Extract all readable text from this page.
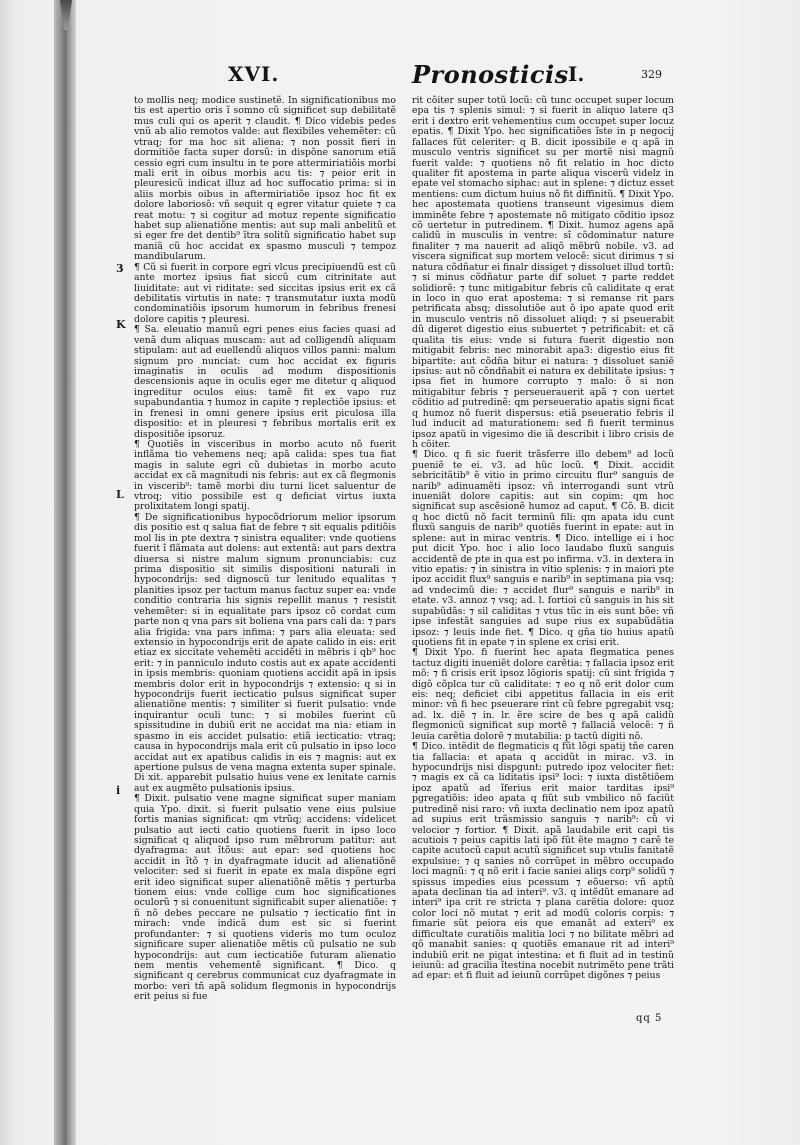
XVI.	Pronosticis I.	329
3
K
L
i
to mollis neq; modice sustinetẽ. In significationibus mo tis est apertio oris ĩ somno cũ significet sup debilitatẽ mus culi qui os aperit ⁊ claudit. ¶ Dico videbis pedes vnũ ab alio remotos valde: aut flexibiles vehemẽter: cũ vtraq; for ma hoc sit aliena: ⁊ non possit fieri in dormitiõe facta super dorsũ: in dispõne sanorum etiã cessio egri cum insultu in te pore attermiriatiõis morbi mali erit in oibus morbis acu tis: ⁊ peior erit in pleuresicũ indicat illuz ad hoc suffocatio prima: si in aliis morbis oibus in aftermiriatiõe ipsoz hoc fit ex dolore laboriosõ: vñ sequit q egrer vitatur quiete ⁊ ca reat motu: ⁊ si cogitur ad motuz repente significatio habet sup alienatiõne mentis: aut sup mali anbelitũ et si eger fre det dentib⁹ ĩtra solitũ significatio habet sup maniã cũ hoc accidat ex spasmo musculi ⁊ tempoz mandibularum.
¶ Cũ si fuerit in corpore egri vlcus precipiuendũ est cũ ante mortez ipsius fiat siccũ cum citrinitate aut liuiditate: aut vi riditate: sed siccitas ipsius erit ex cã debilitatis virtutis in nate: ⁊ transmutatur iuxta modũ condominatiõis ipsorum humorum in febribus frenesi dolore capitis ⁊ pleuresi.
¶ Sa. eleuatio manuũ egri penes eius facies quasi ad venã dum aliquas muscam: aut ad colligendũ aliquam stipulam: aut ad euellendũ aliquos villos panni: malum signum pro nunciat: cum hoc accidat ex figuris imaginatis in oculis ad modum dispositionis descensionis aque in oculis eger me ditetur q aliquod ingreditur oculos eius: tamẽ fit ex vapo ruz supabundantia ⁊ humoz in capite ⁊ replectiõe ipsius: et in frenesi in omni genere ipsius erit piculosa illa dispositio: et in pleuresi ⁊ febribus mortalis erit ex dispositiõe ipsoruz.
¶ Quotiẽs in visceribus in morbo acuto nõ fuerit inflãma tio vehemens neq; apã calida: spes tua fiat magis in salute egri cũ dubietas in morbo acuto accidat ex cã magnitudi nis febris: aut ex cã flegmonis in viscerib⁹: tamẽ morbi diu turni licet saluentur de vtroq; vitio possibile est q deficiat virtus iuxta prolixitatem longi spatij.
¶ De significationibus hypocõdriorum melior ipsorum dis positio est q salua fiat de febre ⁊ sit equalis pditiõis mol lis in pte dextra ⁊ sinistra equaliter: vnde quotiens fuerit ĩ flãmata aut dolens: aut extentã: aut pars dextra diuersa si nistre malum signum pronunciabis: cuz prima dispositio sit similis dispositioni naturali in hypocondrijs: sed dignoscũ tur lenitudo equalitas ⁊ planities ipsoz per tactum manus factuz super ea: vnde conditio contraria his signis repellit manus ⁊ resistit vehemẽter: si in equalitate pars ipsoz cõ cordat cum parte non q vna pars sit boliena vna pars cali da: ⁊ pars alia frigida: vna pars infima: ⁊ pars alia eleuata: sed extensio in hypocondrijs erit de apate calido in eis: erit etiaz ex siccitate vehemẽti accidẽti in mẽbris i qb⁹ hoc erit: ⁊ in panniculo induto costis aut ex apate accidenti in ipsis membris: quoniam quotiens accidit apã in ipsis membris dolor erit in hypocondrijs ⁊ extensio: q si in hypocondrijs fuerit iecticatio pulsus significat super alienatiõne mentis: ⁊ similiter si fuerit pulsatio: vnde inquirantur oculi tunc: ⁊ si mobiles fuerint cũ spissitudine in dubiũ erit ne accidat ma nia: etiam in spasmo in eis accidet pulsatio: etiã iecticatio: vtraq; causa in hypocondrijs mala erit cũ pulsatio in ipso loco accidat aut ex apatibus calidis in eis ⁊ magnis: aut ex apertione pulsus de vena magna extenta super spinale. Di xit. apparebit pulsatio huius vene ex lenitate carnis aut ex augmẽto pulsationis ipsius.
¶ Dixit. pulsatio vene magne significat super maniam quia Ypo. dixit. si fuerit pulsatio vene eius pulsiue fortis manias significat: qm vtrũq; accidens: videlicet pulsatio aut iecti catio quotiens fuerit in ipso loco significat q aliquod ipso rum mẽbrorum patitur: aut dyafragma: aut ĩtõus: aut epar: sed quotiens hoc accidit in ĩtõ ⁊ in dyafragmate iducit ad alienatiõnẽ velociter: sed si fuerit in epate ex mala dispõne egri erit ideo significat super alienatiõnẽ mẽtis ⁊ perturba tionem eius: vnde collige cum hoc significationes oculorũ ⁊ si conuenitunt significabit super alienatiõe: ⁊ ñ nõ debes peccare ne pulsatio ⁊ iecticatio fint in mirach: vnde indicã dum est sic si fuerint profundanter: ⁊ si quotiens videris mo tum oculoz significare super alienatiõe mẽtis cũ pulsatio ne sub hypocondrijs: aut cum iecticatiõe futuram alienatio nem mentis vehementẽ significant. ¶ Dico. q significant q cerebrus communicat cuz dyafragmate in morbo: veri tñ apã solidum flegmonis in hypocondrijs erit peius si fue
rit cõiter super totũ locũ: cũ tunc occupet super locum epa tis ⁊ splenis simul: ⁊ si fuerit in aliquo latere q3 erit i dextro erit vehementius cum occupet super locuz epatis. ¶ Dixit Ypo. hec significatiões ĩste in p negocij fallaces fũt celeriter: q B. dicit ipossibile e q apã in musculo ventris significet su per mortẽ nisi magnũ fuerit valde: ⁊ quotiens nõ fit relatio in hoc dicto qualiter fit apostema in parte aliqua viscerũ videlz in epate vel stomacho siphac: aut in splene: ⁊ dictuz esset mentiens: cum dictum huius nõ fit diffinitũ. ¶ Dixit Ypo. hec apostemata quotiens transeunt vigesimus diem imminẽte febre ⁊ apostemate nõ mitigato cõditio ipsoz cõ uertetur in putredinem. ¶ Dixit. humoz agens apã calidũ in musculis in ventre: sĩ cõdominatur nature finaliter ⁊ ma nauerit ad aliqõ mẽbrũ nobile. v3. ad viscera significat sup mortem velocẽ: sicut dirimus ⁊ si natura cõdñatur ei finalr dissiget ⁊ dissoluet illud tortũ: ⁊ si minus cõdñatur parte dif soluet ⁊ parte reddet solidiorẽ: ⁊ tunc mitigabitur febris cũ caliditate q erat in loco in quo erat apostema: ⁊ si remanse rit pars petrificata absq; dissolutiõe aut õ ipo apate quod erit in musculo ventris nõ dissoluet aliqd: ⁊ si pseuerabit dũ digeret digestio eius subuertet ⁊ petrificabit: et cã qualita tis eius: vnde si futura fuerit digestio non mitigabit febris: nec minorabit apa3: digestio eius fit bipartite: aut cõdña bitur ei natura: ⁊ dissoluet saniẽ ipsius: aut nõ cõndñabit ei natura ex debilitate ipsius: ⁊ ipsa fiet in humore corrupto ⁊ malo: õ si non mitigabitur febris ⁊ perseuerauerit apã ⁊ con uertet cõditio ad putredinẽ: qm perseueratio apatis signi ficat q humoz nõ fuerit dispersus: etiã pseueratio febris il lud inducit ad maturationem: sed fi fuerit terminus ipsoz apatũ in vigesimo die iã describit i libro crisis de h cõiter.
¶ Dico. q fi sic fuerit trãsferre illo debem⁹ ad locũ pueniẽ te ei. v3. ad hũc locũ. ¶ Dixit. accidit sebricitãtib⁹ ẽ vitio in primo circuitu flur⁹ sanguis de narib⁹ adinuamẽti ipsoz: vñ interrogandi sunt vtrũ inueniãt dolore capitis: aut sin copim: qm hoc significat sup ascẽsionẽ humoz ad caput. ¶ Cõ. B. dicit q hoc dictũ nõ facit terminũ fili: qm apata idu cunt fluxũ sanguis de narib⁹ quotiẽs fuerint in epate: aut in splene: aut in mirac ventris. ¶ Dico. intellige ei i hoc put dicit Ypo. hoc i alio loco laudabo fluxũ sanguis accidentẽ de pte in qua est po infirma. v3. in dextera in vitio epatis: ⁊ in sinistra in vitio splenis: ⁊ in maiori pte ipoz accidit flux⁹ sanguis e narib⁹ in septimana pia vsq; ad vndecimũ die: ⁊ accidet flur⁹ sanguis e narib⁹ in etate. v3. annoz ⁊ vsq; ad. l. fortioi cũ sanguis in his sit supabũdãs: ⁊ sil caliditas ⁊ vtus tũc in eis sunt bõe: vñ ipse infestãt sanguies ad supe rius ex supabũdãtia ipsoz: ⁊ leuis inde fiet. ¶ Dico. q gña tio huius apatũ quotiens fit in epate ⁊ in splene ex crisi erit.
¶ Dixit Ypo. fi fuerint hec apata flegmatica penes tactuz digiti inueniẽt dolore carẽtia: ⁊ fallacia ipsoz erit mõ: ⁊ fi crisis erit ipsoz lõgioris spatij: cũ sint frigida ⁊ digõ cõplca tur cũ caliditate: ⁊ eo q nõ erit dolor cum eis: neq; deficiet cibi appetitus fallacia in eis erit minor: vñ fi hec pseuerare rint cũ febre pgregabit vsq; ad. lx. diẽ ⁊ in. lr. ẽre scire de bes q apã calidũ flegmonicũ significat sup mortẽ ⁊ fallaciã velocẽ: ⁊ ñ leuia carẽtia dolorẽ ⁊ mutabilia: p tactũ digiti nõ.
¶ Dico. intẽdit de flegmaticis q fũt lõgi spatij tñe caren tia fallacia: et apata q accidũt in mirac. v3. in hypocundrijs nisi dispgunt: putredo ipoz velociter fiet: ⁊ magis ex cã ca liditatis ipsi⁹ loci: ⁊ iuxta distẽtiõem ipoz apatũ ad ĩferius erit maior tarditas ipsi⁹ pgregatiõis: ideo apata q fiũt sub vmbilico nõ faciũt putredinẽ nisi raro: vñ iuxta declinatio nem ipoz apatũ ad supius erit trãsmissio sanguis ⁊ narib⁹: cũ vi velocior ⁊ fortior. ¶ Dixit. apã laudabile erit capi tis acutiois ⁊ peius capitis lati ipõ fũt ẽte magno ⁊ carẽ te capite acutocũ caput acutũ significet sup vtulis fanitatẽ expulsiue: ⁊ q sanies nõ corrũpet in mẽbro occupado loci magnũ: ⁊ q nõ erit i facie saniei aliqs corp⁹ solidũ ⁊ spissus impedies eius pcessum ⁊ eõuerso: vñ aptũ apata declinan tia ad interi⁹. v3. q intẽdũt emanare ad interi⁹ ipa crit re stricta ⁊ plana carẽtia dolore: quoz color loci nõ mutat ⁊ erit ad modũ coloris corpis: ⁊ fimarie sũt peiora eis que emanãt ad exteri⁹ ex difficultate curatiõis malitia loci ⁊ no bilitate mẽbri ad qõ manabit sanies: q quotiẽs emanaue rit ad interi⁹ indubiũ erit ne pigat intestina: et fi fluit ad in testinũ ieiunũ: ad gracilia ĩtestina nocebit nutrimẽto pene trãti ad epar: et fi fluit ad ieiunũ corrũpet digõnes ⁊ peius
qq 5
